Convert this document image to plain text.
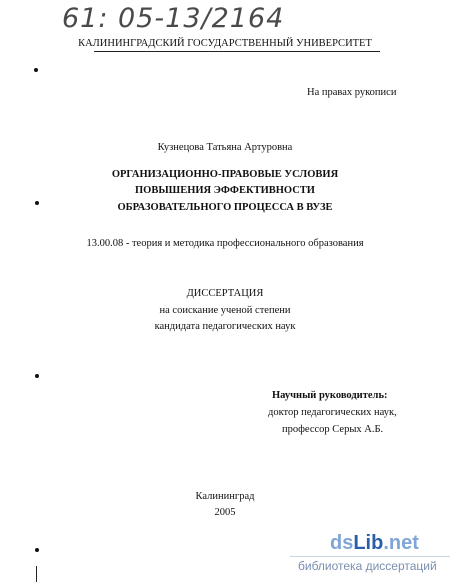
61: 05-13/2164
КАЛИНИНГРАДСКИЙ ГОСУДАРСТВЕННЫЙ УНИВЕРСИТЕТ
На правах рукописи
Кузнецова Татьяна Артуровна
ОРГАНИЗАЦИОННО-ПРАВОВЫЕ УСЛОВИЯ
ПОВЫШЕНИЯ ЭФФЕКТИВНОСТИ
ОБРАЗОВАТЕЛЬНОГО ПРОЦЕССА В ВУЗЕ
13.00.08 - теория и методика профессионального образования
ДИССЕРТАЦИЯ
на соискание ученой степени
кандидата педагогических наук
Научный руководитель:
доктор педагогических наук,
профессор Серых А.Б.
Калининград
2005
dsLib.net
библиотека диссертаций
